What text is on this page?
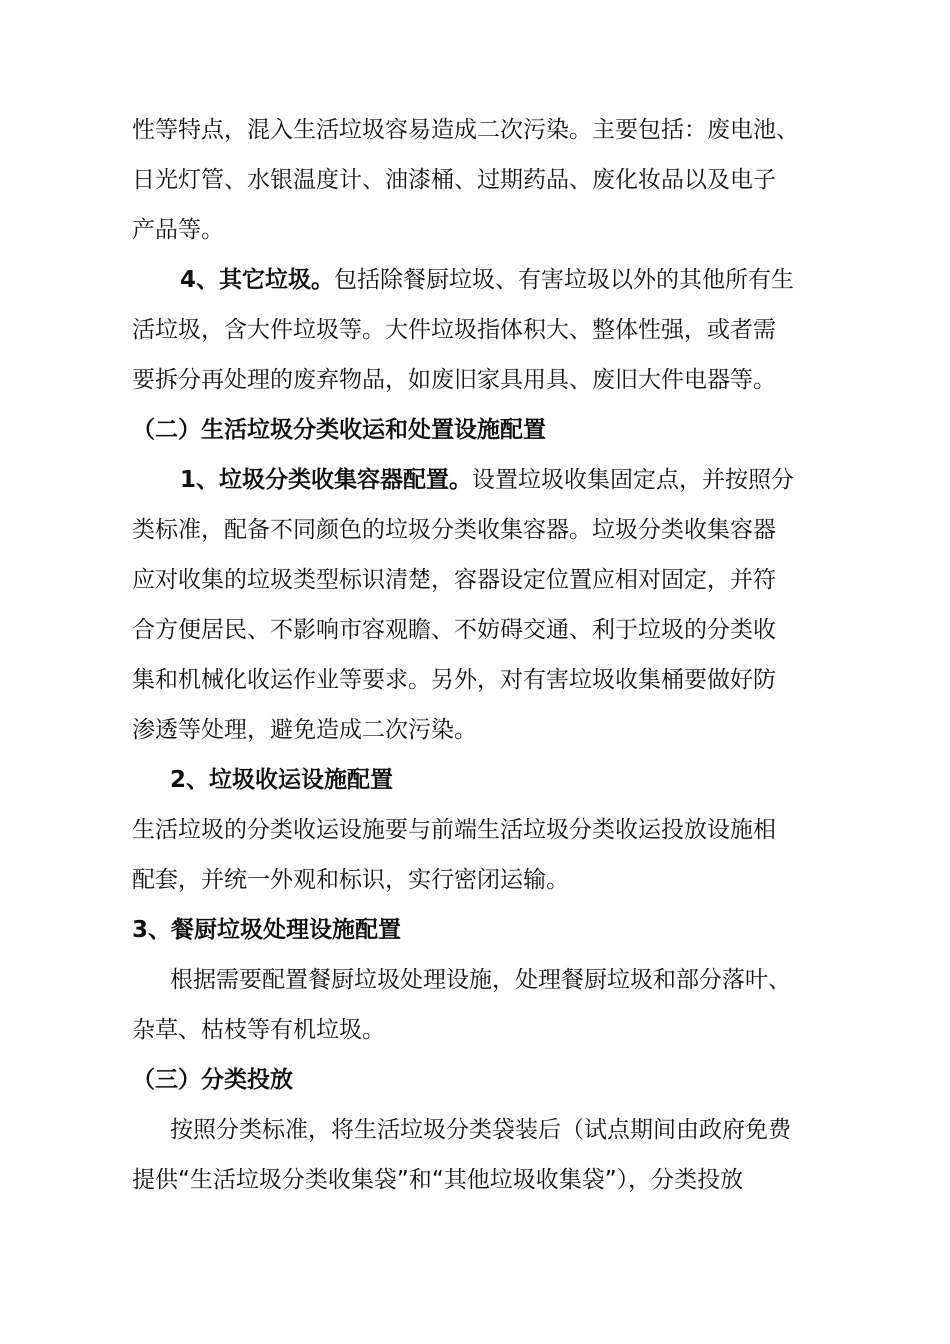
性等特点，混入生活垃圾容易造成二次污染。主要包括：废电池、
日光灯管、水银温度计、油漆桶、过期药品、废化妆品以及电子
产品等。
4、其它垃圾。包括除餐厨垃圾、有害垃圾以外的其他所有生
活垃圾，含大件垃圾等。大件垃圾指体积大、整体性强，或者需
要拆分再处理的废弃物品，如废旧家具用具、废旧大件电器等。
（二）生活垃圾分类收运和处置设施配置
1、垃圾分类收集容器配置。设置垃圾收集固定点，并按照分
类标准，配备不同颜色的垃圾分类收集容器。垃圾分类收集容器
应对收集的垃圾类型标识清楚，容器设定位置应相对固定，并符
合方便居民、不影响市容观瞻、不妨碍交通、利于垃圾的分类收
集和机械化收运作业等要求。另外，对有害垃圾收集桶要做好防
渗透等处理，避免造成二次污染。
2、垃圾收运设施配置
生活垃圾的分类收运设施要与前端生活垃圾分类收运投放设施相
配套，并统一外观和标识，实行密闭运输。
3、餐厨垃圾处理设施配置
根据需要配置餐厨垃圾处理设施，处理餐厨垃圾和部分落叶、
杂草、枯枝等有机垃圾。
（三）分类投放
按照分类标准，将生活垃圾分类袋装后（试点期间由政府免费
提供“生活垃圾分类收集袋”和“其他垃圾收集袋”），分类投放
